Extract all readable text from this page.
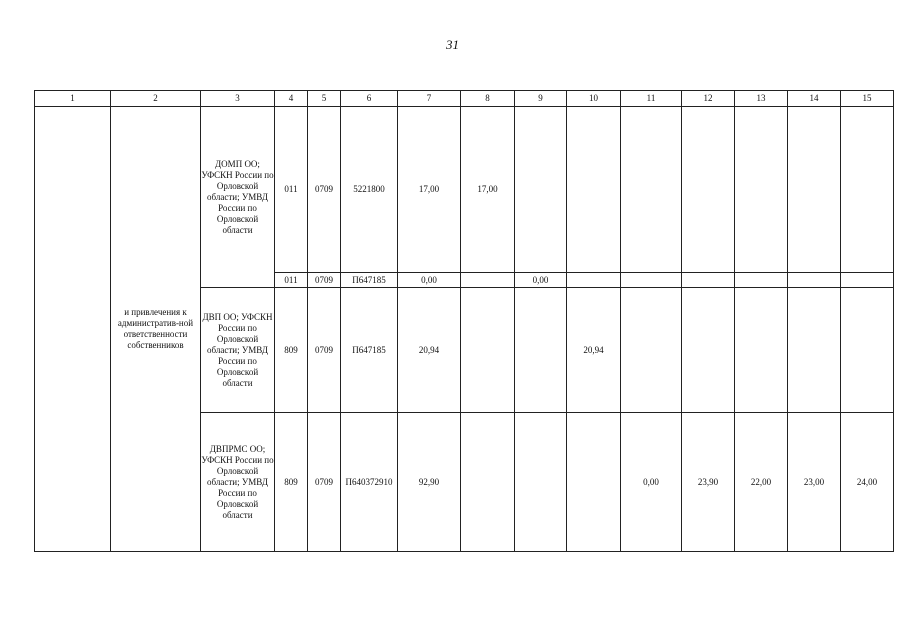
31
1	2	3	4	5	6	7	8	9	10	11	12	13	14	15
	и привлечения к административ-ной ответственности собственников	ДОМП ОО; УФСКН России по Орловской области; УМВД России по Орловской области	011	0709	5221800	17,00	17,00							
			011	0709	П647185	0,00		0,00						
		ДВП ОО; УФСКН России по Орловской области; УМВД России по Орловской области	809	0709	П647185	20,94			20,94					
		ДВПРМС ОО; УФСКН России по Орловской области; УМВД России по Орловской области	809	0709	П640372910	92,90				0,00	23,90	22,00	23,00	24,00
